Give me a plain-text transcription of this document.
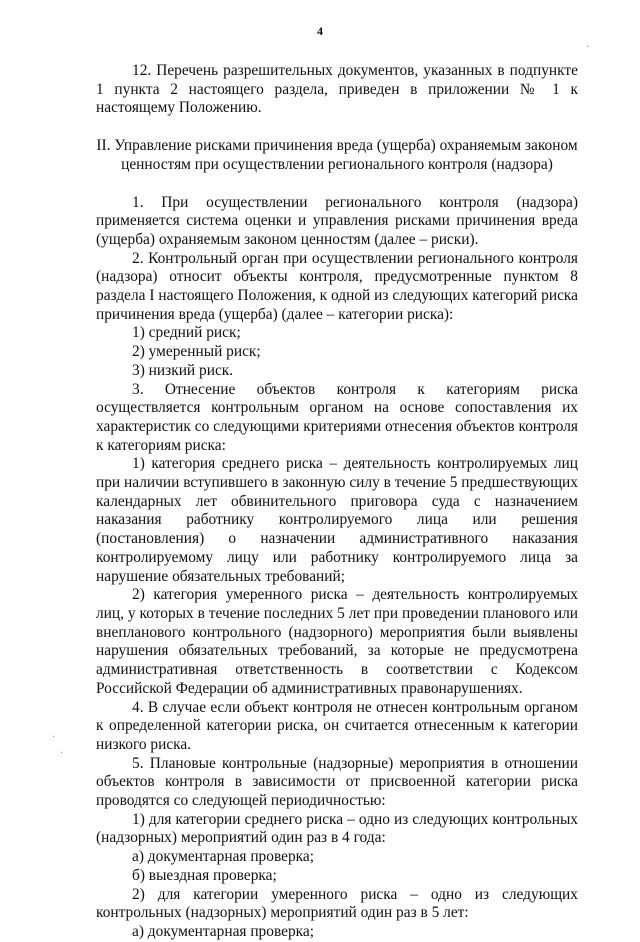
4
·
·
·

12. Перечень разрешительных документов, указанных в подпункте 1 пункта 2 настоящего раздела, приведен в приложении № 1 к настоящему Положению.

II. Управление рисками причинения вреда (ущерба) охраняемым законом ценностям при осуществлении регионального контроля (надзора)

1. При осуществлении регионального контроля (надзора) применяется система оценки и управления рисками причинения вреда (ущерба) охраняемым законом ценностям (далее – риски).

2. Контрольный орган при осуществлении регионального контроля (надзора) относит объекты контроля, предусмотренные пунктом 8 раздела I настоящего Положения, к одной из следующих категорий риска причинения вреда (ущерба) (далее – категории риска):

1) средний риск;

2) умеренный риск;

3) низкий риск.

3. Отнесение объектов контроля к категориям риска осуществляется контрольным органом на основе сопоставления их характеристик со следующими критериями отнесения объектов контроля к категориям риска:

1) категория среднего риска – деятельность контролируемых лиц при наличии вступившего в законную силу в течение 5 предшествующих календарных лет обвинительного приговора суда с назначением наказания работнику контролируемого лица или решения (постановления) о назначении административного наказания контролируемому лицу или работнику контролируемого лица за нарушение обязательных требований;

2) категория умеренного риска – деятельность контролируемых лиц, у которых в течение последних 5 лет при проведении планового или внепланового контрольного (надзорного) мероприятия были выявлены нарушения обязательных требований, за которые не предусмотрена административная ответственность в соответствии с Кодексом Российской Федерации об административных правонарушениях.

4. В случае если объект контроля не отнесен контрольным органом к определенной категории риска, он считается отнесенным к категории низкого риска.

5. Плановые контрольные (надзорные) мероприятия в отношении объектов контроля в зависимости от присвоенной категории риска проводятся со следующей периодичностью:

1) для категории среднего риска – одно из следующих контрольных (надзорных) мероприятий один раз в 4 года:

а) документарная проверка;

б) выездная проверка;

2) для категории умеренного риска – одно из следующих контрольных (надзорных) мероприятий один раз в 5 лет:

а) документарная проверка;
